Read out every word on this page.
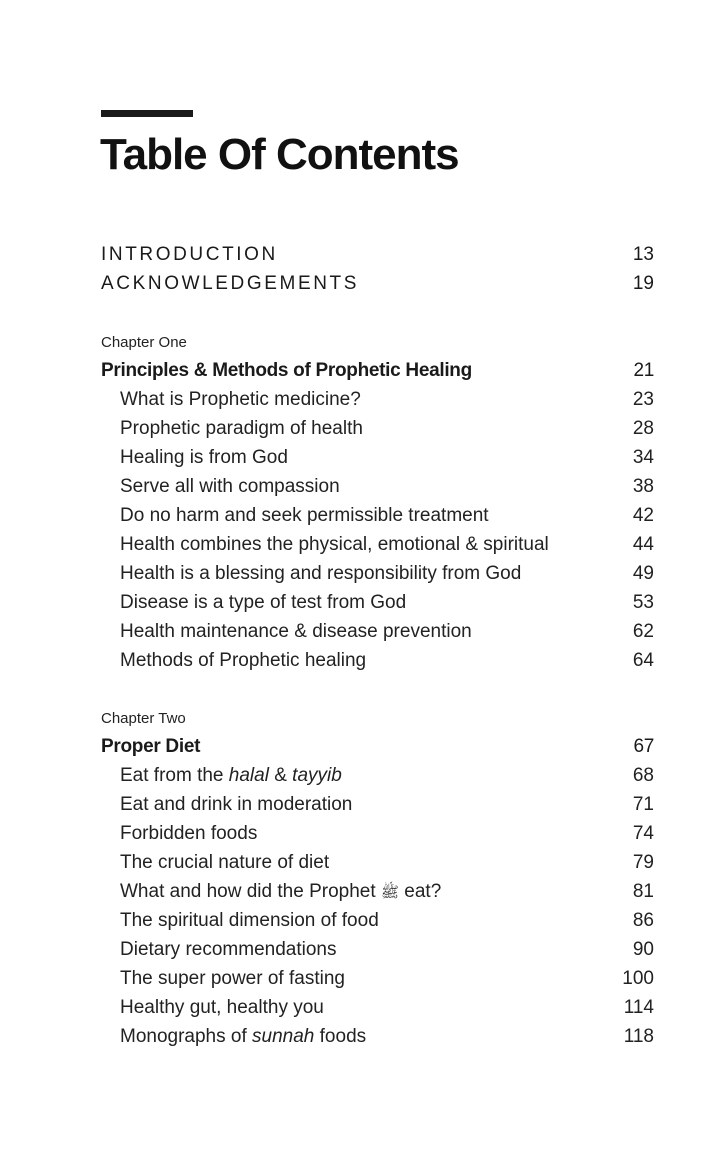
Table Of Contents
INTRODUCTION	13
ACKNOWLEDGEMENTS	19
Chapter One
Principles & Methods of Prophetic Healing	21
What is Prophetic medicine?	23
Prophetic paradigm of health	28
Healing is from God	34
Serve all with compassion	38
Do no harm and seek permissible treatment	42
Health combines the physical, emotional & spiritual	44
Health is a blessing and responsibility from God	49
Disease is a type of test from God	53
Health maintenance & disease prevention	62
Methods of Prophetic healing	64
Chapter Two
Proper Diet	67
Eat from the halal & tayyib	68
Eat and drink in moderation	71
Forbidden foods	74
The crucial nature of diet	79
What and how did the Prophet ﷺ eat?	81
The spiritual dimension of food	86
Dietary recommendations	90
The super power of fasting	100
Healthy gut, healthy you	114
Monographs of sunnah foods	118
